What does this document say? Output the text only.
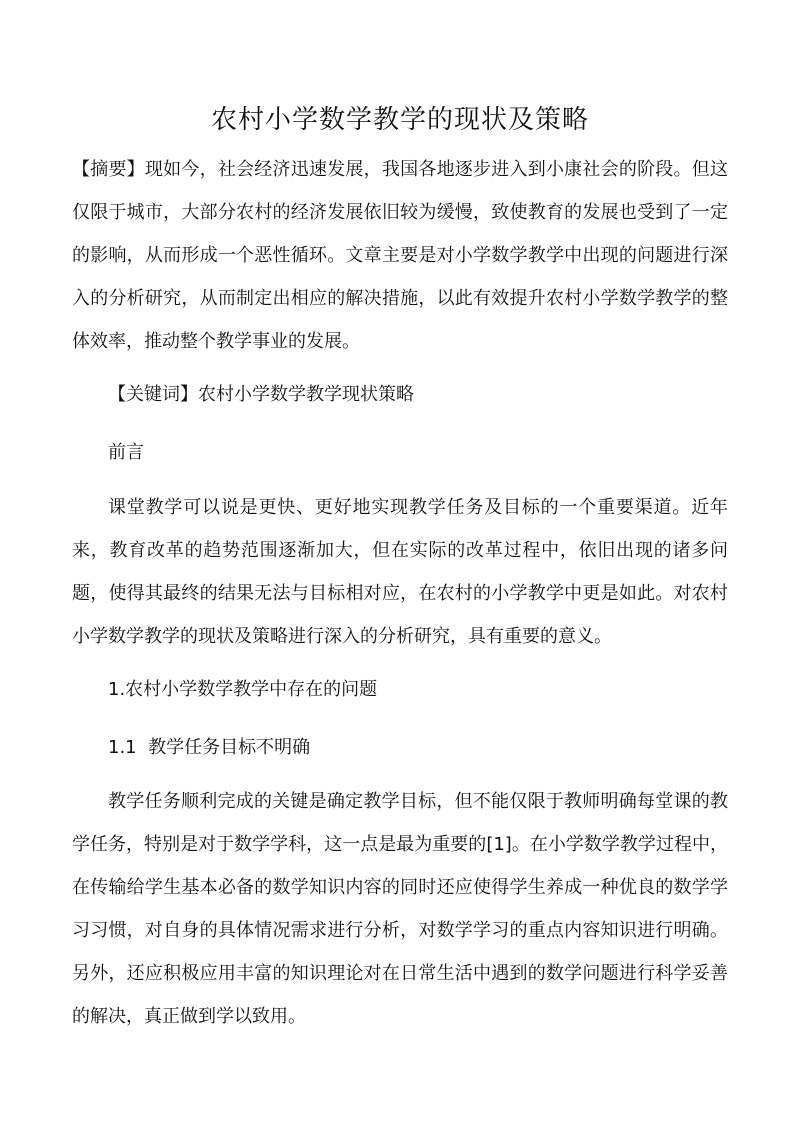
农村小学数学教学的现状及策略

【摘要】现如今，社会经济迅速发展，我国各地逐步进入到小康社会的阶段。但这仅限于城市，大部分农村的经济发展依旧较为缓慢，致使教育的发展也受到了一定的影响，从而形成一个恶性循环。文章主要是对小学数学教学中出现的问题进行深入的分析研究，从而制定出相应的解决措施，以此有效提升农村小学数学教学的整体效率，推动整个教学事业的发展。

【关键词】农村小学数学教学现状策略

前言

课堂教学可以说是更快、更好地实现教学任务及目标的一个重要渠道。近年来，教育改革的趋势范围逐渐加大，但在实际的改革过程中，依旧出现的诸多问题，使得其最终的结果无法与目标相对应，在农村的小学教学中更是如此。对农村小学数学教学的现状及策略进行深入的分析研究，具有重要的意义。

1.农村小学数学教学中存在的问题

1.1  教学任务目标不明确

教学任务顺利完成的关键是确定教学目标，但不能仅限于教师明确每堂课的教学任务，特别是对于数学学科，这一点是最为重要的[1]。在小学数学教学过程中，在传输给学生基本必备的数学知识内容的同时还应使得学生养成一种优良的数学学习习惯，对自身的具体情况需求进行分析，对数学学习的重点内容知识进行明确。另外，还应积极应用丰富的知识理论对在日常生活中遇到的数学问题进行科学妥善的解决，真正做到学以致用。
